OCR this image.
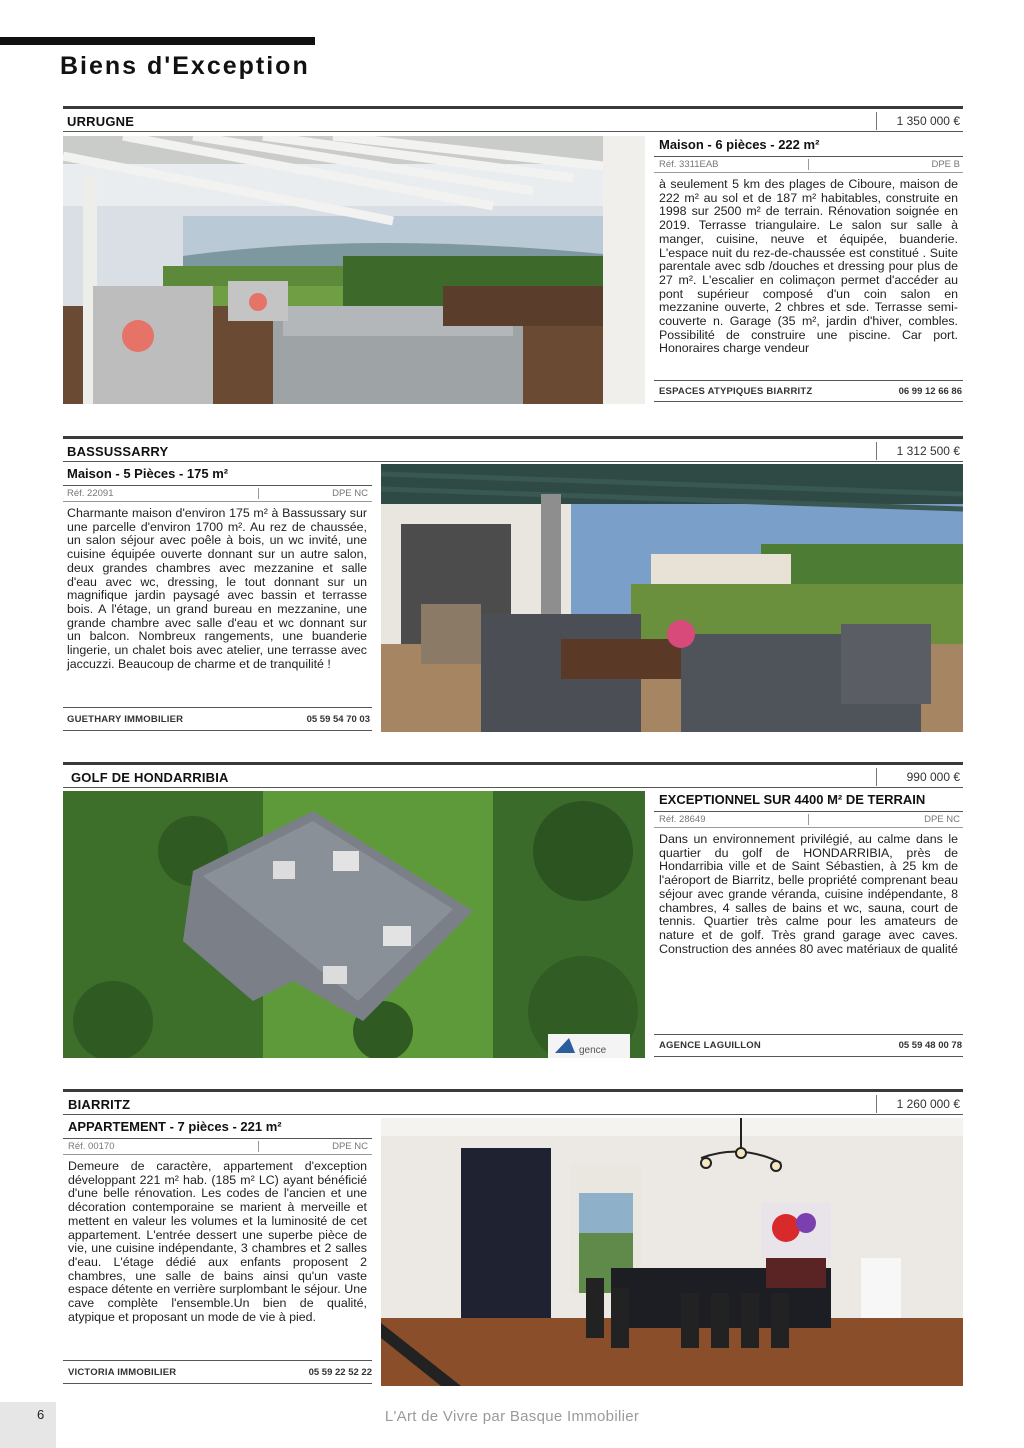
Biens d'Exception
URRUGNE	1 350 000 €
Maison - 6 pièces - 222 m²
Réf. 3311EAB	DPE B
à seulement 5 km des plages de Ciboure, maison de 222 m² au sol et de 187 m² habitables, construite en 1998 sur 2500 m² de terrain. Rénovation soignée en 2019. Terrasse triangulaire. Le salon sur salle à manger, cuisine, neuve et équipée, buanderie. L'espace nuit du rez-de-chaussée est constitué . Suite parentale avec sdb /douches et dressing pour plus de 27 m². L'escalier en colimaçon permet d'accéder au pont supérieur composé d'un coin salon en mezzanine ouverte, 2 chbres et sde. Terrasse semi-couverte n. Garage (35 m², jardin d'hiver, combles. Possibilité de construire une piscine. Car port. Honoraires charge vendeur
ESPACES ATYPIQUES BIARRITZ	06 99 12 66 86
BASSUSSARRY	1 312 500 €
Maison - 5 Pièces - 175 m²
Réf. 22091	DPE NC
Charmante maison d'environ 175 m² à Bassussary sur une parcelle d'environ 1700 m². Au rez de chaussée, un salon séjour avec poêle à bois, un wc invité, une cuisine équipée ouverte donnant sur un autre salon, deux grandes chambres avec mezzanine et salle d'eau avec wc, dressing, le tout donnant sur un magnifique jardin paysagé avec bassin et terrasse bois. A l'étage, un grand bureau en mezzanine, une grande chambre avec salle d'eau et wc donnant sur un balcon. Nombreux rangements, une buanderie lingerie, un chalet bois avec atelier, une terrasse avec jaccuzzi. Beaucoup de charme et de tranquilité !
GUETHARY IMMOBILIER	05 59 54 70 03
GOLF DE HONDARRIBIA	990 000 €
gence
EXCEPTIONNEL SUR 4400 M² DE TERRAIN
Réf. 28649	DPE NC
Dans un environnement privilégié, au calme dans le quartier du golf de HONDARRIBIA, près de Hondarribia ville et de Saint Sébastien, à 25 km de l'aéroport de Biarritz, belle propriété comprenant beau séjour avec grande véranda, cuisine indépendante, 8 chambres, 4 salles de bains et wc, sauna, court de tennis. Quartier très calme pour les amateurs de nature et de golf. Très grand garage avec caves. Construction des années 80 avec matériaux de qualité
AGENCE LAGUILLON	05 59 48 00 78
BIARRITZ	1 260 000 €
APPARTEMENT - 7 pièces - 221 m²
Réf. 00170	DPE NC
Demeure de caractère, appartement d'exception développant 221 m² hab. (185 m² LC) ayant bénéficié d'une belle rénovation. Les codes de l'ancien et une décoration contemporaine se marient à merveille et mettent en valeur les volumes et la luminosité de cet appartement. L'entrée dessert une superbe pièce de vie, une cuisine indépendante, 3 chambres et 2 salles d'eau. L'étage dédié aux enfants proposent 2 chambres, une salle de bains ainsi qu'un vaste espace détente en verrière surplombant le séjour. Une cave complète l'ensemble.Un bien de qualité, atypique et proposant un mode de vie à pied.
VICTORIA IMMOBILIER	05 59 22 52 22
6	L'Art de Vivre par Basque Immobilier
